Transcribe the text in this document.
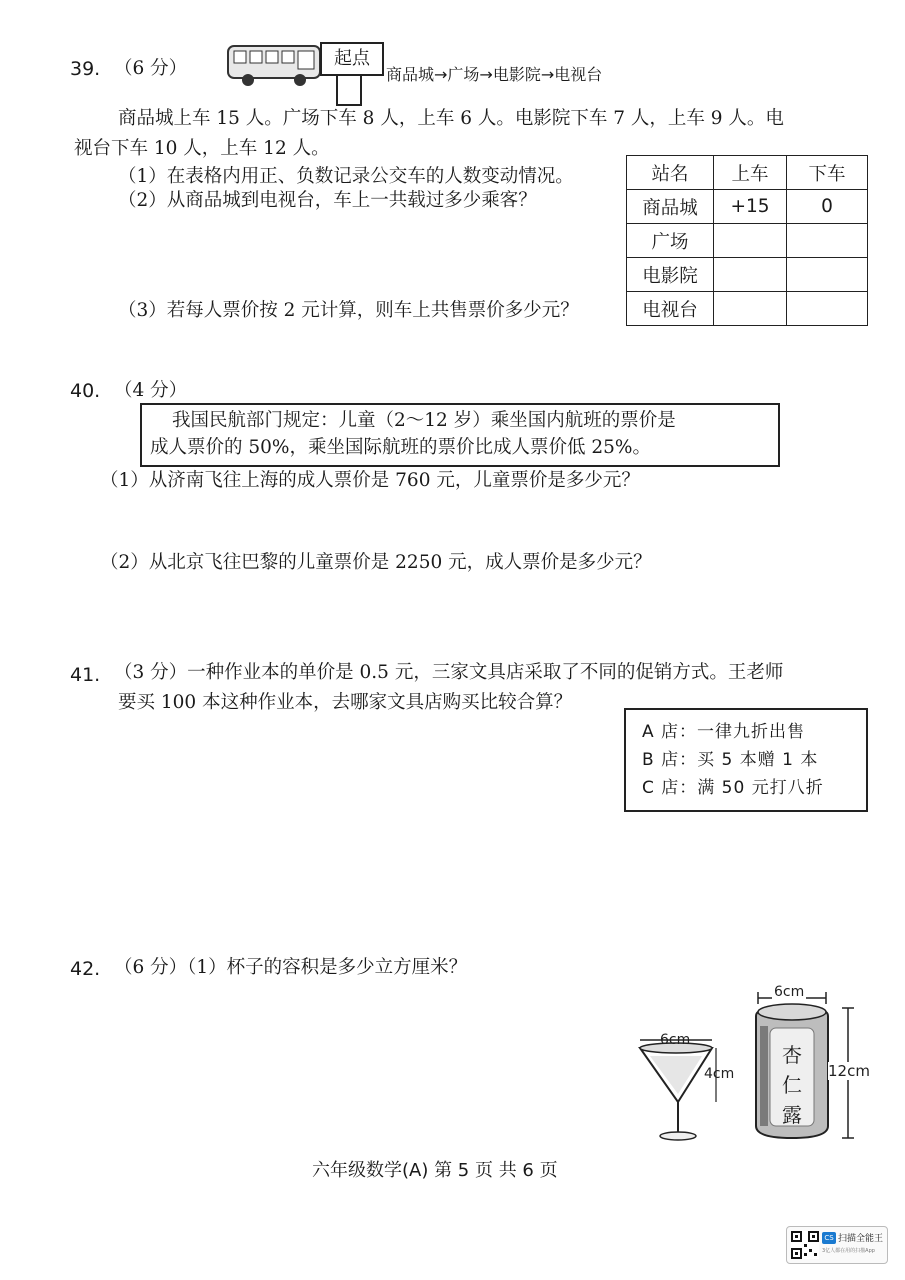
39. （6 分）	起点
商品城→广场→电影院→电视台
商品城上车 15 人。广场下车 8 人，上车 6 人。电影院下车 7 人，上车 9 人。电
视台下车 10 人，上车 12 人。
（1）在表格内用正、负数记录公交车的人数变动情况。
（2）从商品城到电视台，车上一共载过多少乘客？
（3）若每人票价按 2 元计算，则车上共售票价多少元？
站名	上车	下车
商品城	+15	0
广场		
电影院		
电视台		
40. （4 分）
我国民航部门规定：儿童（2～12 岁）乘坐国内航班的票价是
成人票价的 50%，乘坐国际航班的票价比成人票价低 25%。
（1）从济南飞往上海的成人票价是 760 元，儿童票价是多少元？
（2）从北京飞往巴黎的儿童票价是 2250 元，成人票价是多少元？
41. （3 分）一种作业本的单价是 0.5 元，三家文具店采取了不同的促销方式。王老师
要买 100 本这种作业本，去哪家文具店购买比较合算？
A 店：一律九折出售
B 店：买 5 本赠 1 本
C 店：满 50 元打八折
42. （6 分）（1）杯子的容积是多少立方厘米？
6cm
4cm
6cm
12cm
杏
仁
露
六年级数学(A) 第 5 页 共 6 页
CS 扫描全能王
3亿人都在用的扫描App
